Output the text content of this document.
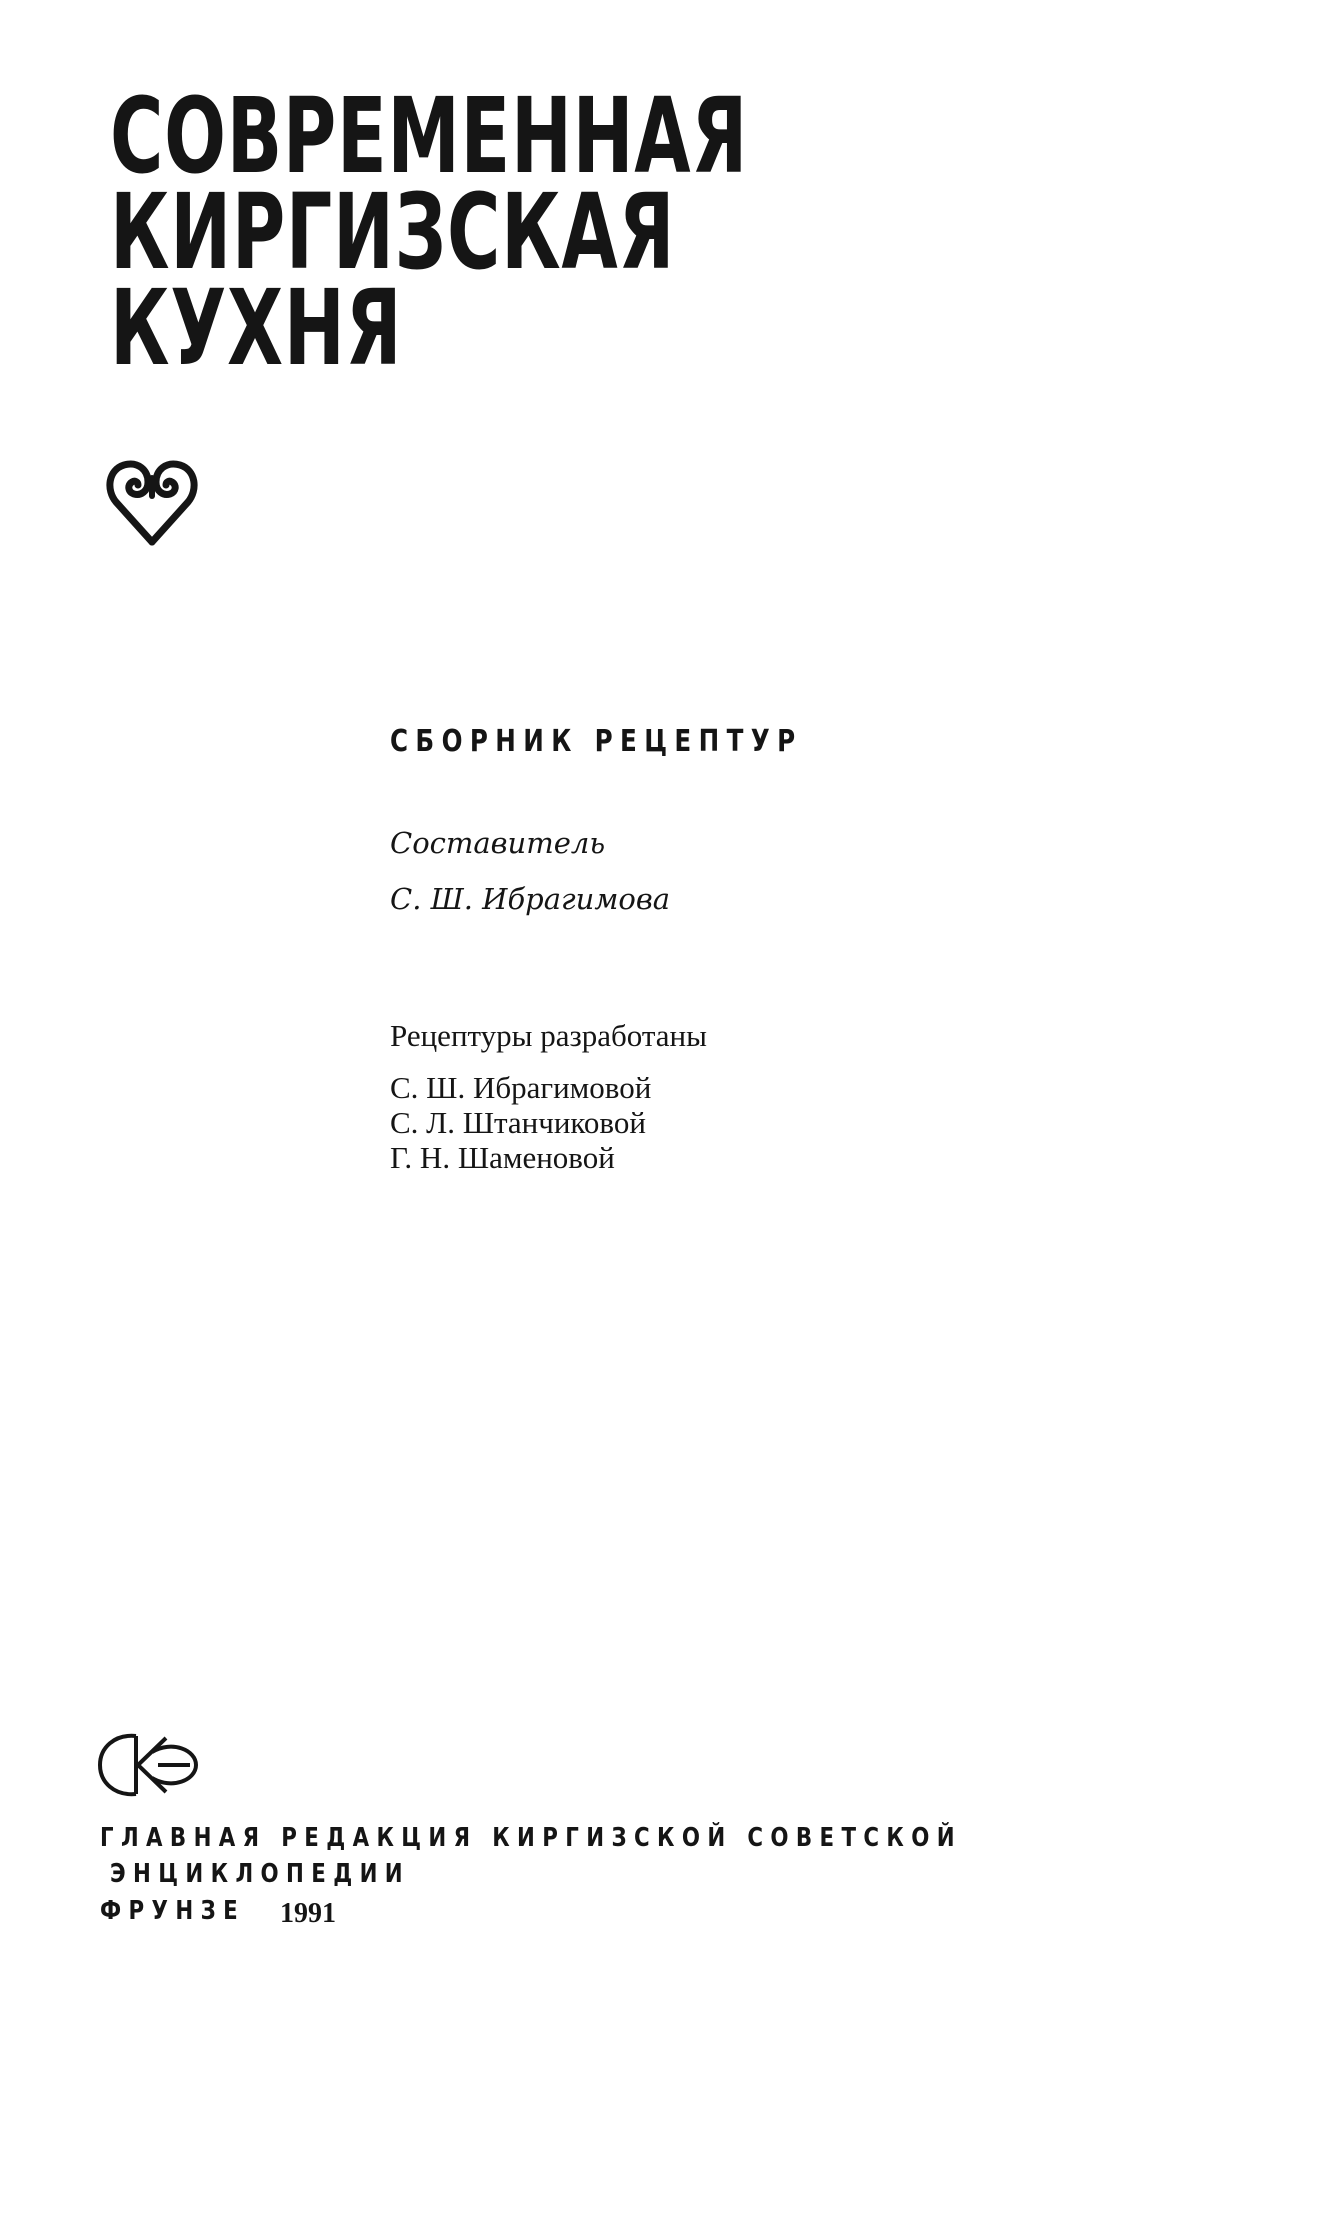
СОВРЕМЕННАЯ
КИРГИЗСКАЯ
КУХНЯ
СБОРНИК РЕЦЕПТУР
Составитель
С. Ш. Ибрагимова
Рецептуры разработаны
С. Ш. Ибрагимовой
С. Л. Штанчиковой
Г. Н. Шаменовой
ГЛАВНАЯ РЕДАКЦИЯ КИРГИЗСКОЙ СОВЕТСКОЙ
ЭНЦИКЛОПЕДИИ
ФРУНЗЕ 1991
